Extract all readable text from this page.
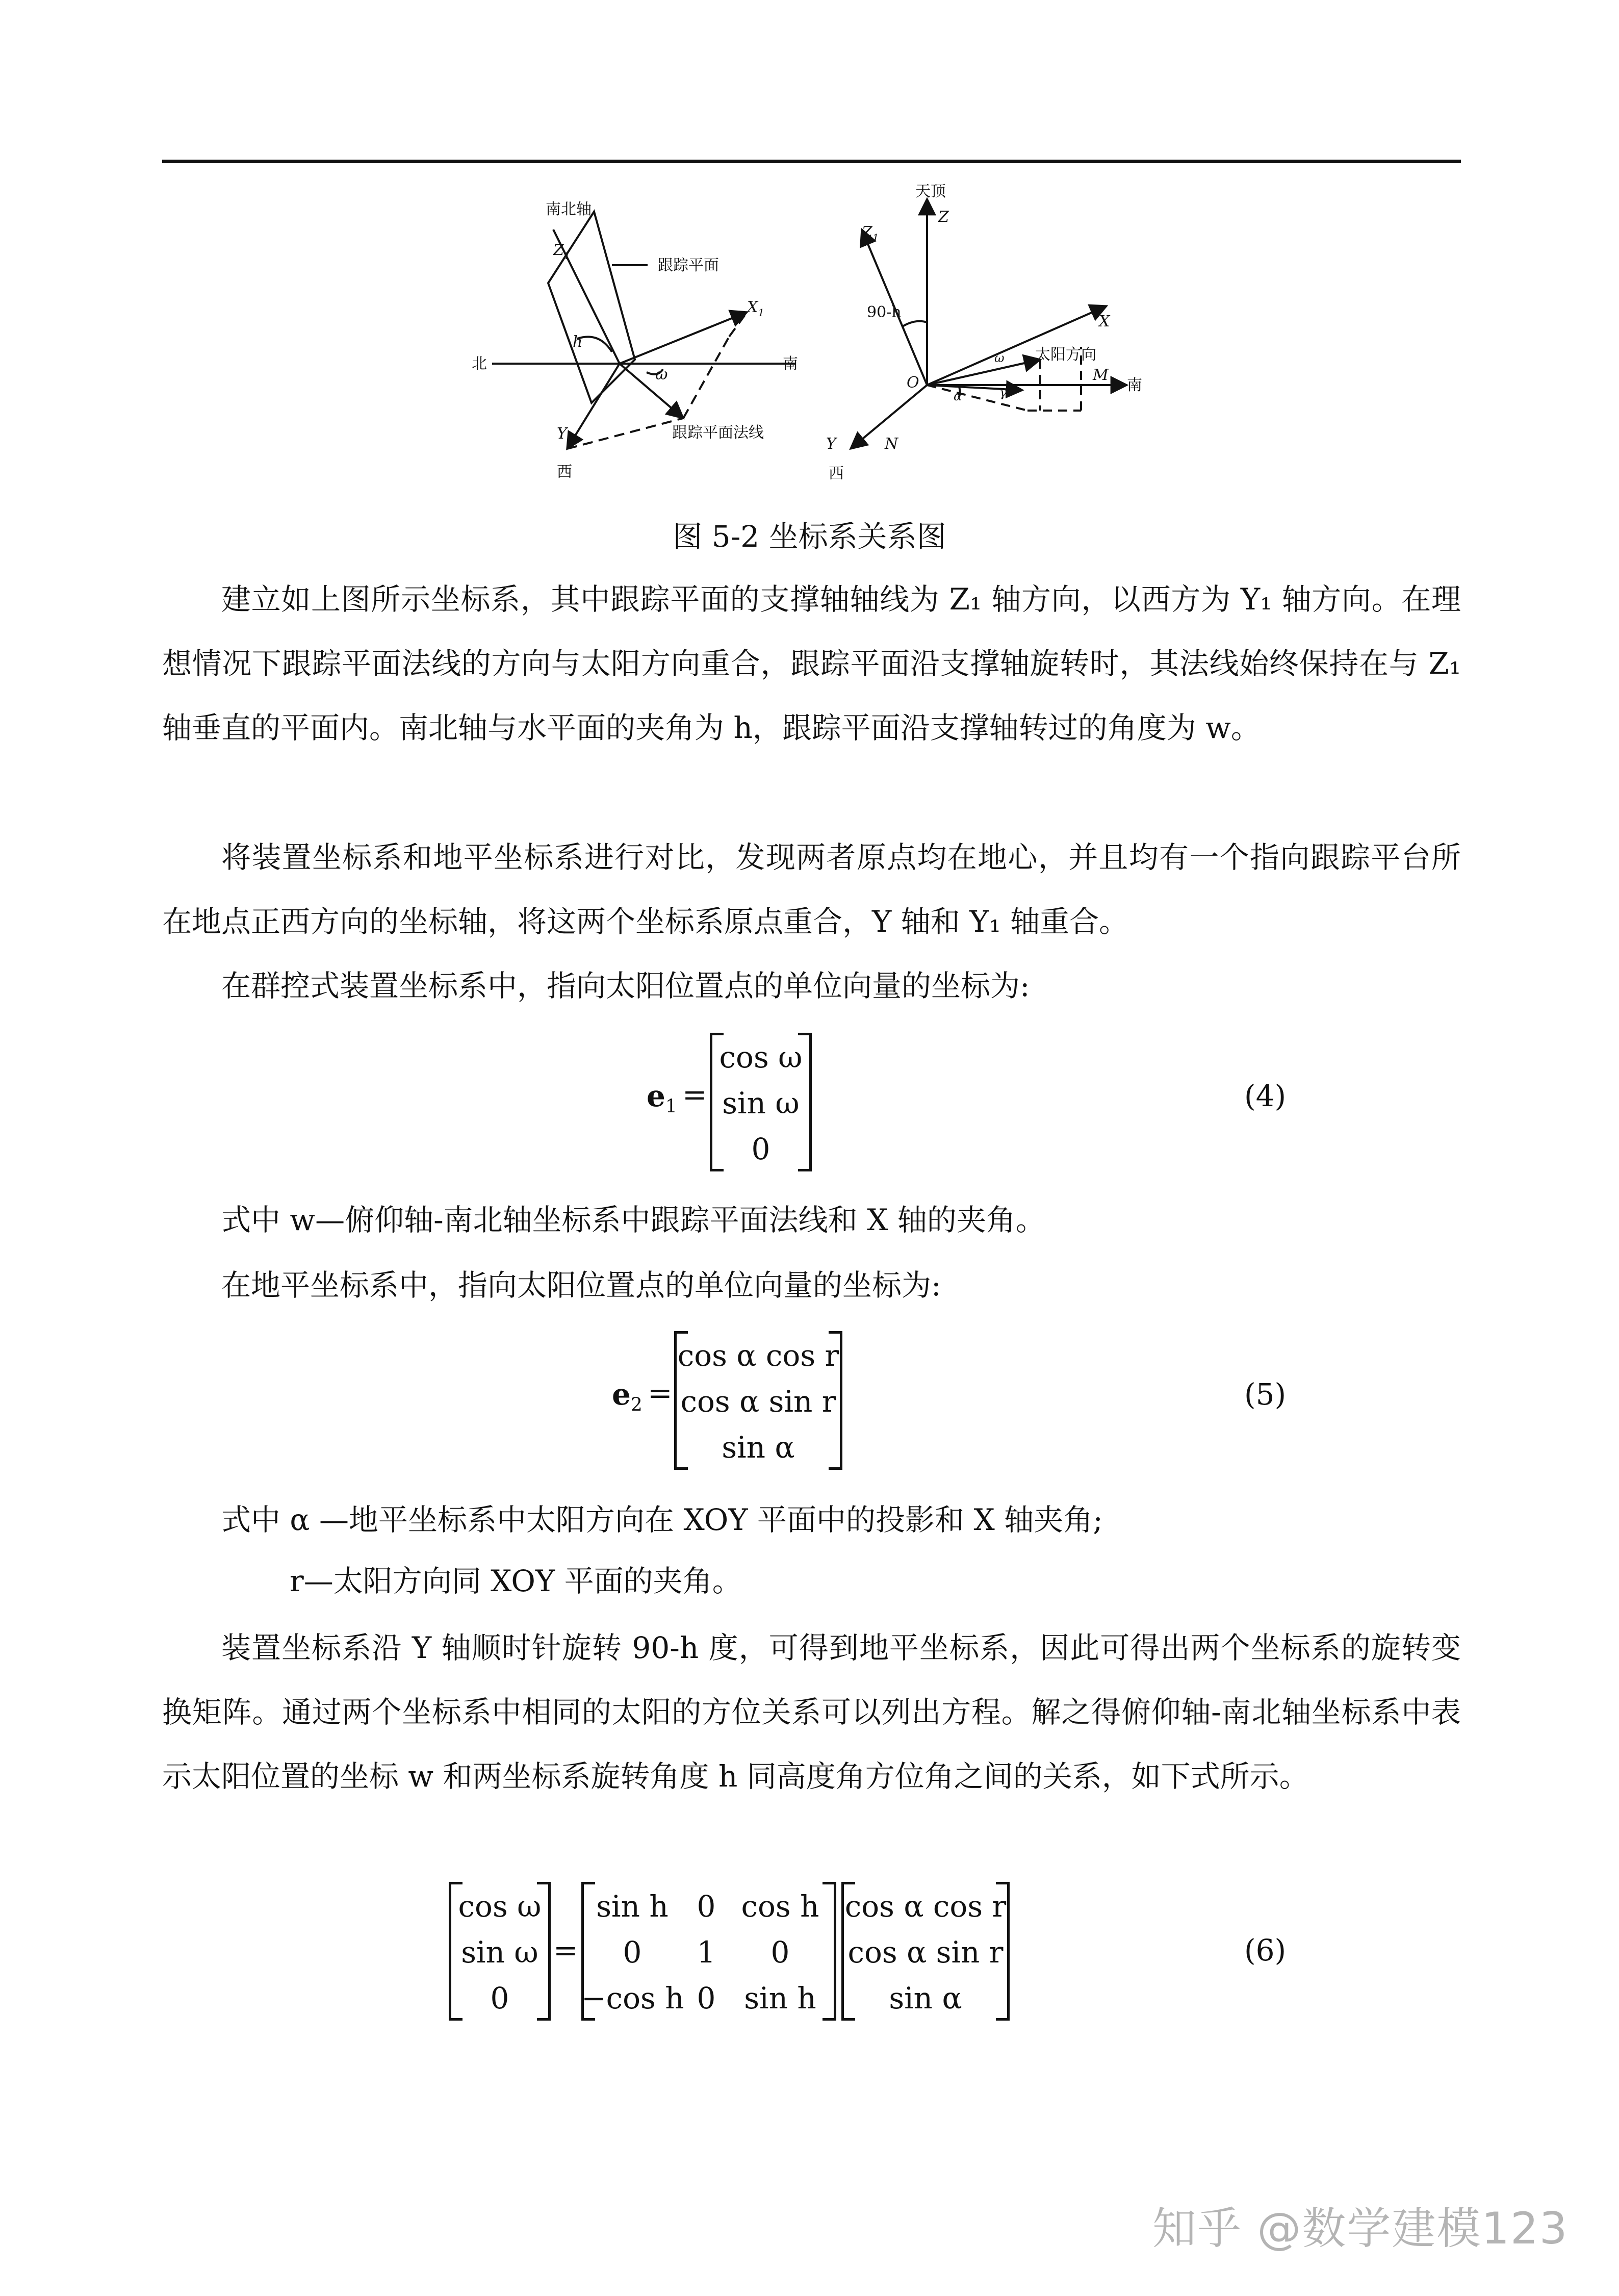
南北轴
$Z_1$
跟踪平面
$X_1$
北	南
h
ω
$Y_1$
西
跟踪平面法线
天顶
Z
$Z_1$
90-h
X
ω 太阳方向
O
α	γ
M
南
Y	N
西
图 5-2 坐标系关系图
建立如上图所示坐标系，其中跟踪平面的支撑轴轴线为 Z₁ 轴方向，以西方为 Y₁ 轴方向。在理想情况下跟踪平面法线的方向与太阳方向重合，跟踪平面沿支撑轴旋转时，其法线始终保持在与 Z₁ 轴垂直的平面内。南北轴与水平面的夹角为 h，跟踪平面沿支撑轴转过的角度为 w。
将装置坐标系和地平坐标系进行对比，发现两者原点均在地心，并且均有一个指向跟踪平台所在地点正西方向的坐标轴，将这两个坐标系原点重合，Y 轴和 Y₁ 轴重合。
在群控式装置坐标系中，指向太阳位置点的单位向量的坐标为:
$e_1$ =
cos ω
sin ω
0
(4)
式中 w—俯仰轴-南北轴坐标系中跟踪平面法线和 X 轴的夹角。
在地平坐标系中，指向太阳位置点的单位向量的坐标为:
$e_2$ =
cos α cos r
cos α sin r
sin α
(5)
式中 α —地平坐标系中太阳方向在 XOY 平面中的投影和 X 轴夹角;
r—太阳方向同 XOY 平面的夹角。
装置坐标系沿 Y 轴顺时针旋转 90-h 度，可得到地平坐标系，因此可得出两个坐标系的旋转变换矩阵。通过两个坐标系中相同的太阳的方位关系可以列出方程。解之得俯仰轴-南北轴坐标系中表示太阳位置的坐标 w 和两坐标系旋转角度 h 同高度角方位角之间的关系，如下式所示。
cos ω
sin ω
0
=
sin h 0 cos h
0	1	0
−cos h 0 sin h
cos α cos r
cos α sin r
sin α
(6)
知乎 @数学建模123
